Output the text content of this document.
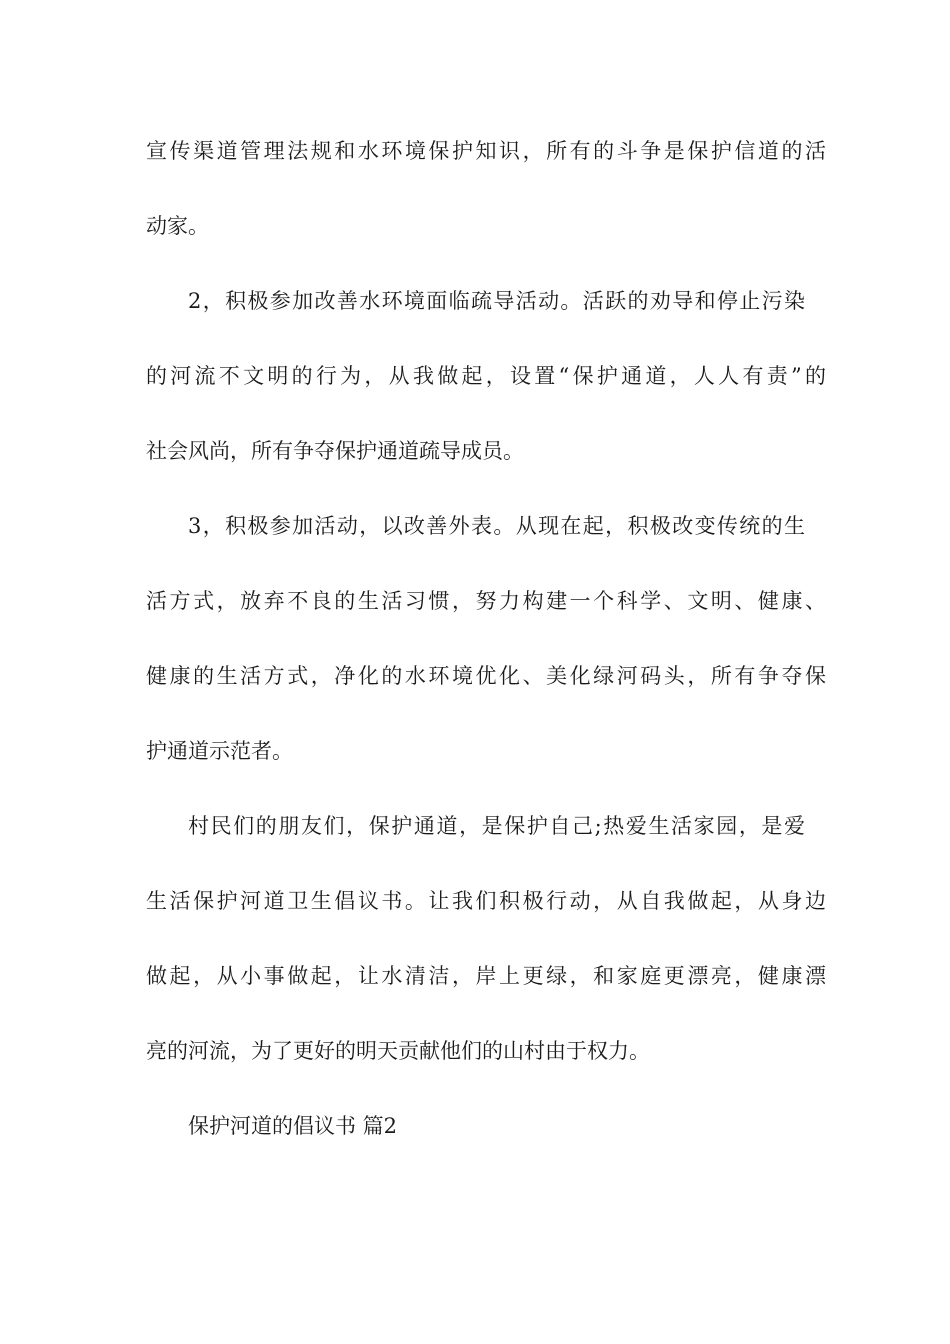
宣传渠道管理法规和水环境保护知识，所有的斗争是保护信道的活
动家。
2，积极参加改善水环境面临疏导活动。活跃的劝导和停止污染
的河流不文明的行为，从我做起，设置“保护通道，人人有责”的
社会风尚，所有争夺保护通道疏导成员。
3，积极参加活动，以改善外表。从现在起，积极改变传统的生
活方式，放弃不良的生活习惯，努力构建一个科学、文明、健康、
健康的生活方式，净化的水环境优化、美化绿河码头，所有争夺保
护通道示范者。
村民们的朋友们，保护通道，是保护自己;热爱生活家园，是爱
生活保护河道卫生倡议书。让我们积极行动，从自我做起，从身边
做起，从小事做起，让水清洁，岸上更绿，和家庭更漂亮，健康漂
亮的河流，为了更好的明天贡献他们的山村由于权力。
保护河道的倡议书 篇2
